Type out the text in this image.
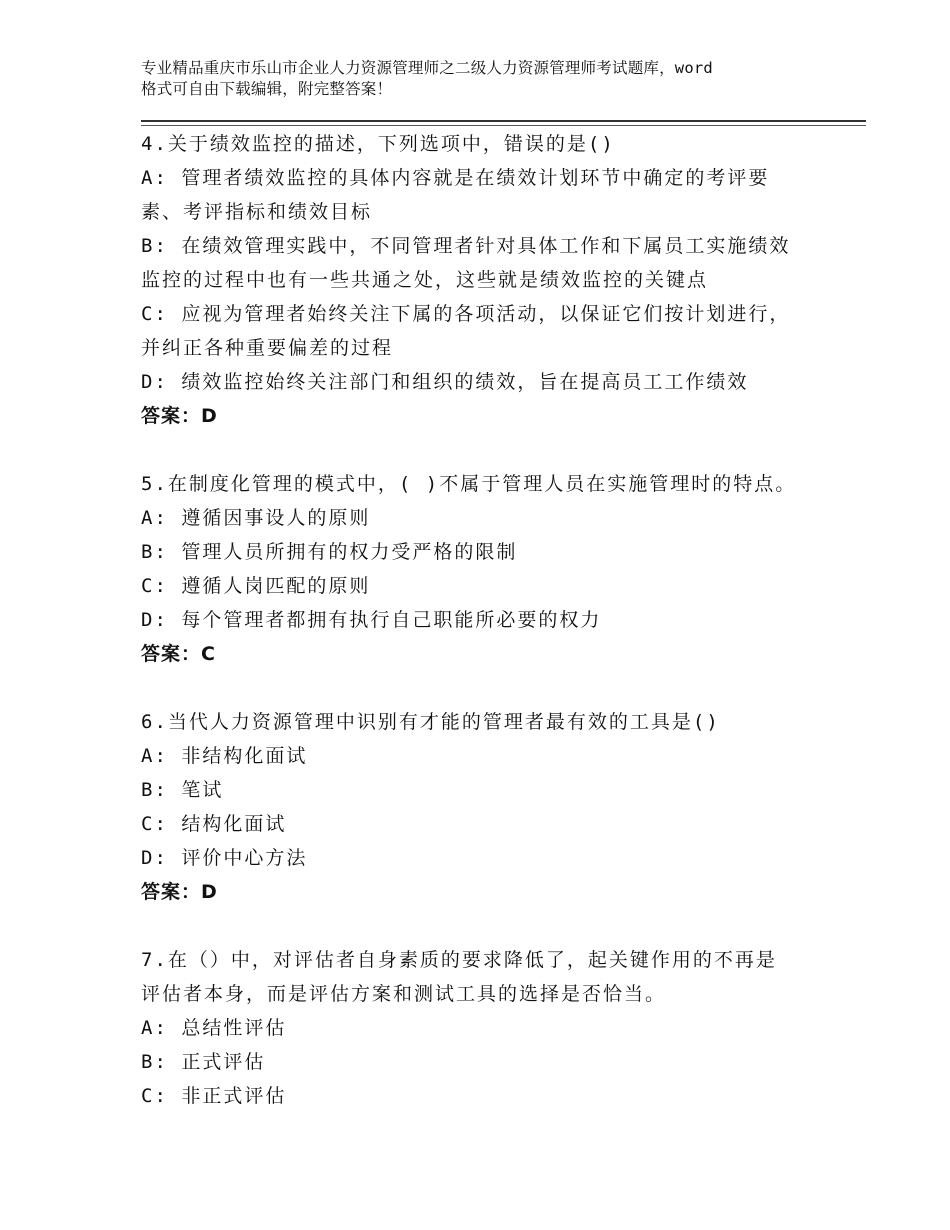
专业精品重庆市乐山市企业人力资源管理师之二级人力资源管理师考试题库，word
格式可自由下载编辑，附完整答案！
4.关于绩效监控的描述，下列选项中，错误的是()
A: 管理者绩效监控的具体内容就是在绩效计划环节中确定的考评要
素、考评指标和绩效目标
B: 在绩效管理实践中，不同管理者针对具体工作和下属员工实施绩效
监控的过程中也有一些共通之处，这些就是绩效监控的关键点
C: 应视为管理者始终关注下属的各项活动，以保证它们按计划进行，
并纠正各种重要偏差的过程
D: 绩效监控始终关注部门和组织的绩效，旨在提高员工工作绩效
答案：D
5.在制度化管理的模式中，( )不属于管理人员在实施管理时的特点。
A: 遵循因事设人的原则
B: 管理人员所拥有的权力受严格的限制
C: 遵循人岗匹配的原则
D: 每个管理者都拥有执行自己职能所必要的权力
答案：C
6.当代人力资源管理中识别有才能的管理者最有效的工具是()
A: 非结构化面试
B: 笔试
C: 结构化面试
D: 评价中心方法
答案：D
7.在（）中，对评估者自身素质的要求降低了，起关键作用的不再是
评估者本身，而是评估方案和测试工具的选择是否恰当。
A: 总结性评估
B: 正式评估
C: 非正式评估
